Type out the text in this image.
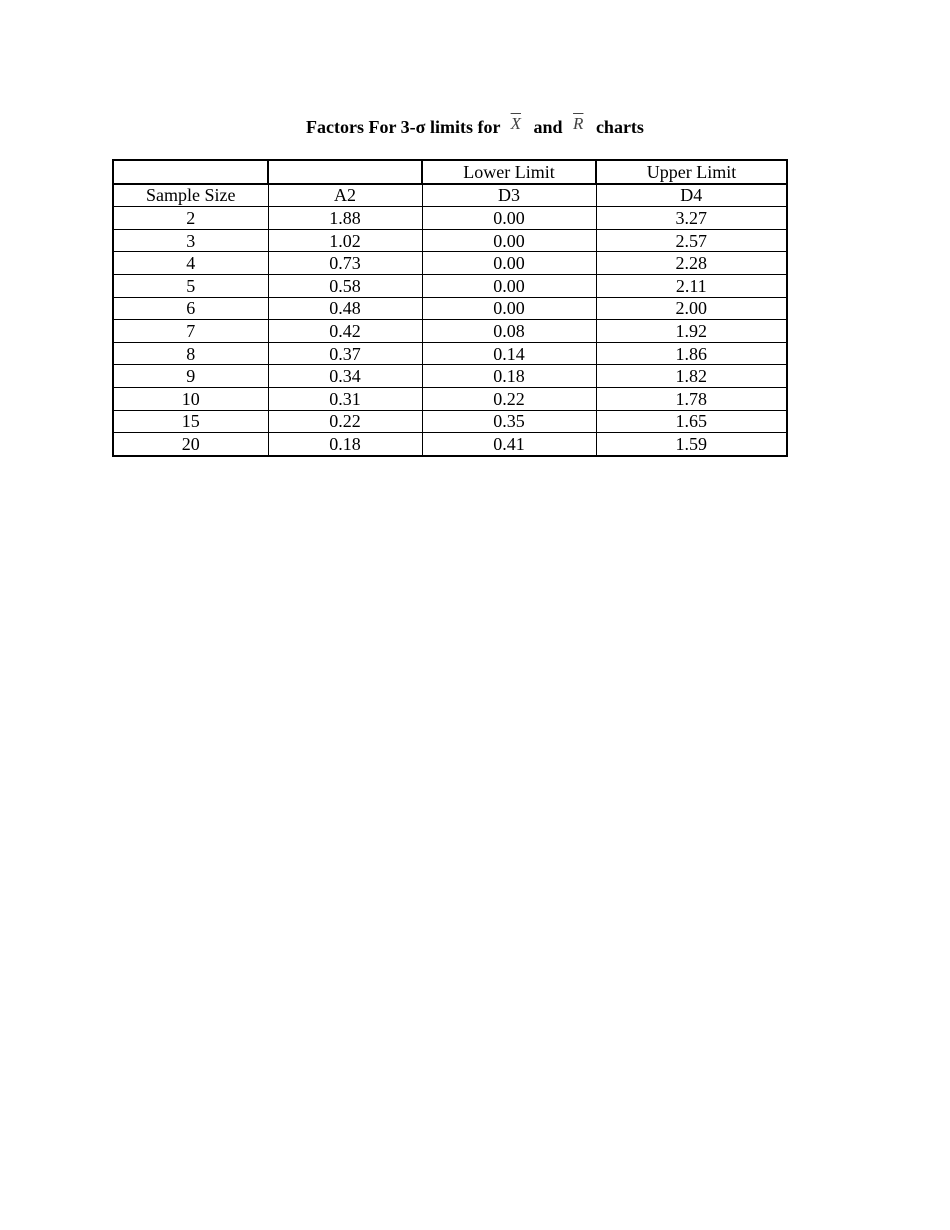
Factors For 3-σ limits for $\overline{X}$ and $\overline{R}$ charts
		Lower Limit	Upper Limit
Sample Size	A2	D3	D4
2	1.88	0.00	3.27
3	1.02	0.00	2.57
4	0.73	0.00	2.28
5	0.58	0.00	2.11
6	0.48	0.00	2.00
7	0.42	0.08	1.92
8	0.37	0.14	1.86
9	0.34	0.18	1.82
10	0.31	0.22	1.78
15	0.22	0.35	1.65
20	0.18	0.41	1.59
